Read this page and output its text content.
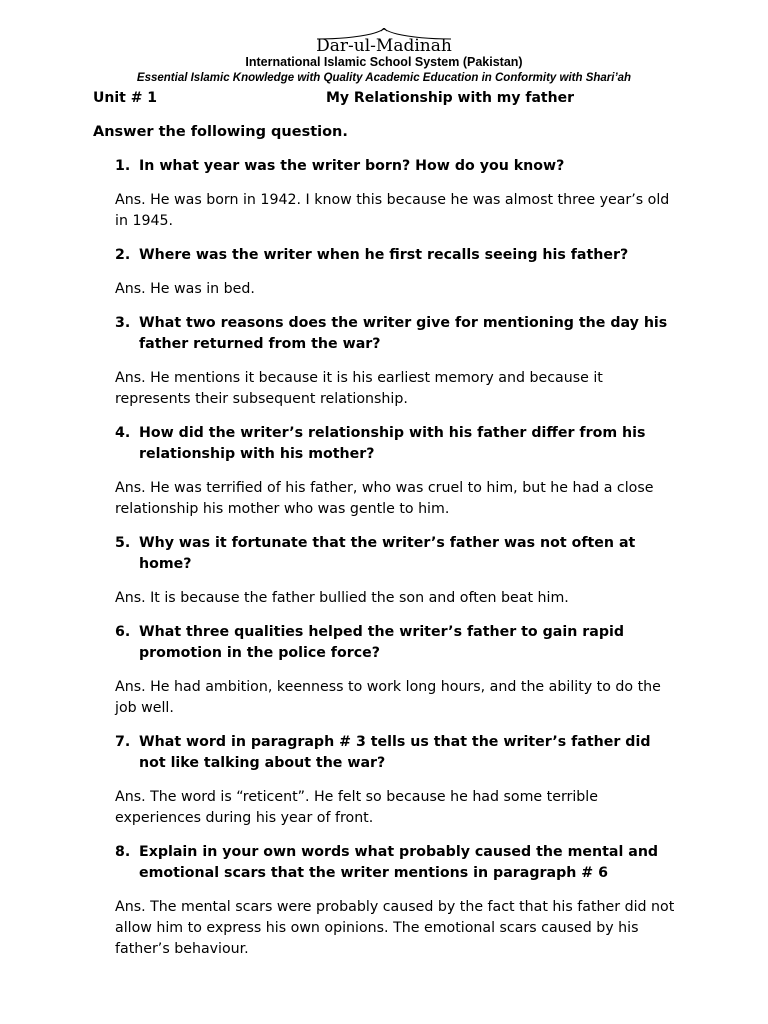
Dar-ul-Madinah
International Islamic School System (Pakistan)
Essential Islamic Knowledge with Quality Academic Education in Conformity with Shari’ah
Unit # 1	My Relationship with my father
Answer the following question.
1. In what year was the writer born? How do you know?
Ans. He was born in 1942. I know this because he was almost three year’s old in 1945.
2. Where was the writer when he first recalls seeing his father?
Ans. He was in bed.
3. What two reasons does the writer give for mentioning the day his father returned from the war?
Ans. He mentions it because it is his earliest memory and because it represents their subsequent relationship.
4. How did the writer’s relationship with his father differ from his relationship with his mother?
Ans. He was terrified of his father, who was cruel to him, but he had a close relationship his mother who was gentle to him.
5. Why was it fortunate that the writer’s father was not often at home?
Ans. It is because the father bullied the son and often beat him.
6. What three qualities helped the writer’s father to gain rapid promotion in the police force?
Ans. He had ambition, keenness to work long hours, and the ability to do the job well.
7. What word in paragraph # 3 tells us that the writer’s father did not like talking about the war?
Ans. The word is “reticent”. He felt so because he had some terrible experiences during his year of front.
8. Explain in your own words what probably caused the mental and emotional scars that the writer mentions in paragraph # 6
Ans. The mental scars were probably caused by the fact that his father did not allow him to express his own opinions. The emotional scars caused by his father’s behaviour.
